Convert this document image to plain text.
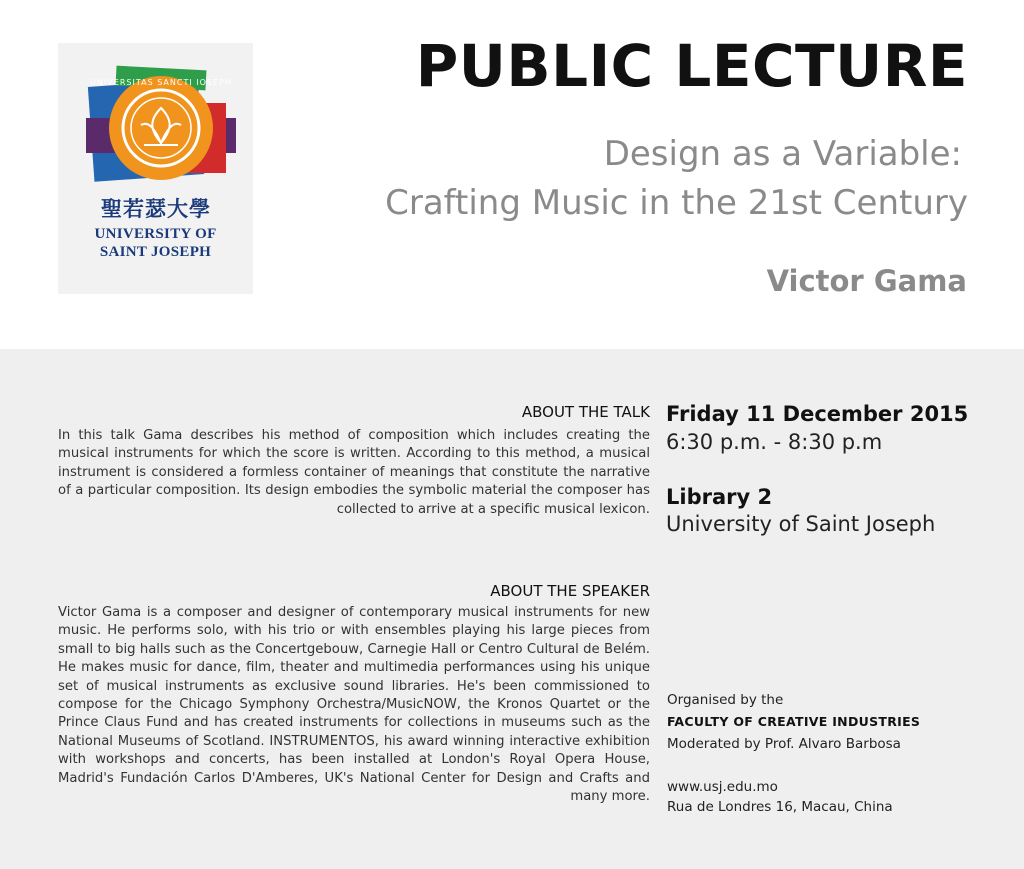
UNIVERSITAS SANCTI IOSEPH
聖若瑟大學
UNIVERSITY OF
SAINT JOSEPH
PUBLIC LECTURE
Design as a Variable:
Crafting Music in the 21st Century
Victor Gama
ABOUT THE TALK
In this talk Gama describes his method of composition which includes creating the musical instruments for which the score is written. According to this method, a musical instrument is considered a formless container of meanings that constitute the narrative of a particular composition. Its design embodies the symbolic material the composer has collected to arrive at a specific musical lexicon.
ABOUT THE SPEAKER
Victor Gama is a composer and designer of contemporary musical instruments for new music. He performs solo, with his trio or with ensembles playing his large pieces from small to big halls such as the Concertgebouw, Carnegie Hall or Centro Cultural de Belém. He makes music for dance, film, theater and multimedia performances using his unique set of musical instruments as exclusive sound libraries. He's been commissioned to compose for the Chicago Symphony Orchestra/MusicNOW, the Kronos Quartet or the Prince Claus Fund and has created instruments for collections in museums such as the National Museums of Scotland. INSTRUMENTOS, his award winning interactive exhibition with workshops and concerts, has been installed at London's Royal Opera House, Madrid's Fundación Carlos D'Amberes, UK's National Center for Design and Crafts and many more.
Friday 11 December 2015
6:30 p.m. - 8:30 p.m
Library 2
University of Saint Joseph
Organised by the
FACULTY OF CREATIVE INDUSTRIES
Moderated by Prof. Alvaro Barbosa
www.usj.edu.mo
Rua de Londres 16, Macau, China
